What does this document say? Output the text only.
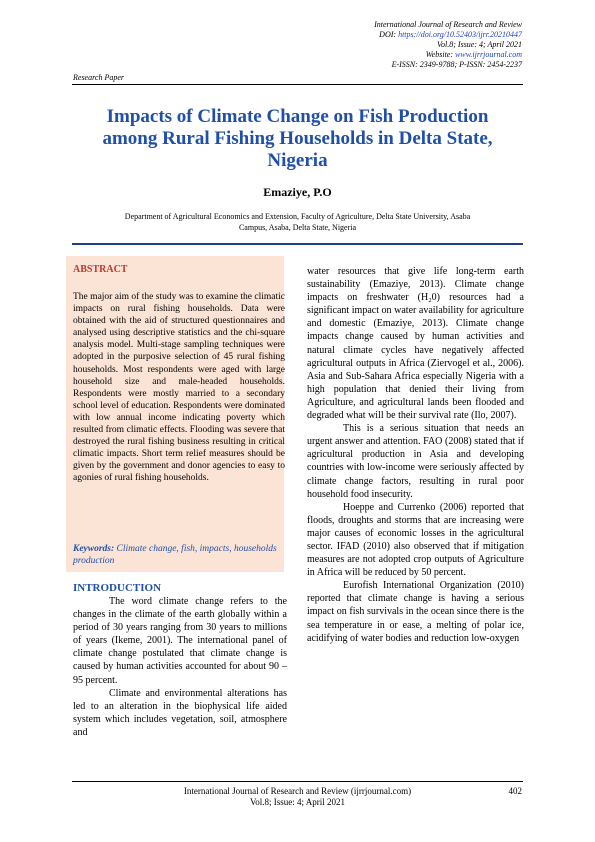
International Journal of Research and Review
DOI: https://doi.org/10.52403/ijrr.20210447
Vol.8; Issue: 4; April 2021
Website: www.ijrrjournal.com
E-ISSN: 2349-9788; P-ISSN: 2454-2237
Research Paper
Impacts of Climate Change on Fish Production
among Rural Fishing Households in Delta State,
Nigeria
Emaziye, P.O
Department of Agricultural Economics and Extension, Faculty of Agriculture, Delta State University, Asaba
Campus, Asaba, Delta State, Nigeria
ABSTRACT
The major aim of the study was to examine the climatic impacts on rural fishing households. Data were obtained with the aid of structured questionnaires and analysed using descriptive statistics and the chi-square analysis model. Multi-stage sampling techniques were adopted in the purposive selection of 45 rural fishing households. Most respondents were aged with large household size and male-headed households. Respondents were mostly married to a secondary school level of education. Respondents were dominated with low annual income indicating poverty which resulted from climatic effects. Flooding was severe that destroyed the rural fishing business resulting in critical climatic impacts. Short term relief measures should be given by the government and donor agencies to easy to agonies of rural fishing households.
Keywords: Climate change, fish, impacts, households production
INTRODUCTION

The word climate change refers to the changes in the climate of the earth globally within a period of 30 years ranging from 30 years to millions of years (Ikeme, 2001). The international panel of climate change postulated that climate change is caused by human activities accounted for about 90 – 95 percent.

Climate and environmental alterations has led to an alteration in the biophysical life aided system which includes vegetation, soil, atmosphere and

water resources that give life long-term earth sustainability (Emaziye, 2013). Climate change impacts on freshwater (H₂0) resources had a significant impact on water availability for agriculture and domestic (Emaziye, 2013). Climate change impacts change caused by human activities and natural climate cycles have negatively affected agricultural outputs in Africa (Ziervogel et al., 2006). Asia and Sub-Sahara Africa especially Nigeria with a high population that denied their living from Agriculture, and agricultural lands been flooded and degraded what will be their survival rate (Ilo, 2007).

This is a serious situation that needs an urgent answer and attention. FAO (2008) stated that if agricultural production in Asia and developing countries with low-income were seriously affected by climate change factors, resulting in rural poor household food insecurity.

Hoeppe and Currenko (2006) reported that floods, droughts and storms that are increasing were major causes of economic losses in the agricultural sector. IFAD (2010) also observed that if mitigation measures are not adopted crop outputs of Agriculture in Africa will be reduced by 50 percent.

Eurofish International Organization (2010) reported that climate change is having a serious impact on fish survivals in the ocean since there is the sea temperature in or ease, a melting of polar ice, acidifying of water bodies and reduction low-oxygen

International Journal of Research and Review (ijrrjournal.com)
Vol.8; Issue: 4; April 2021
402
